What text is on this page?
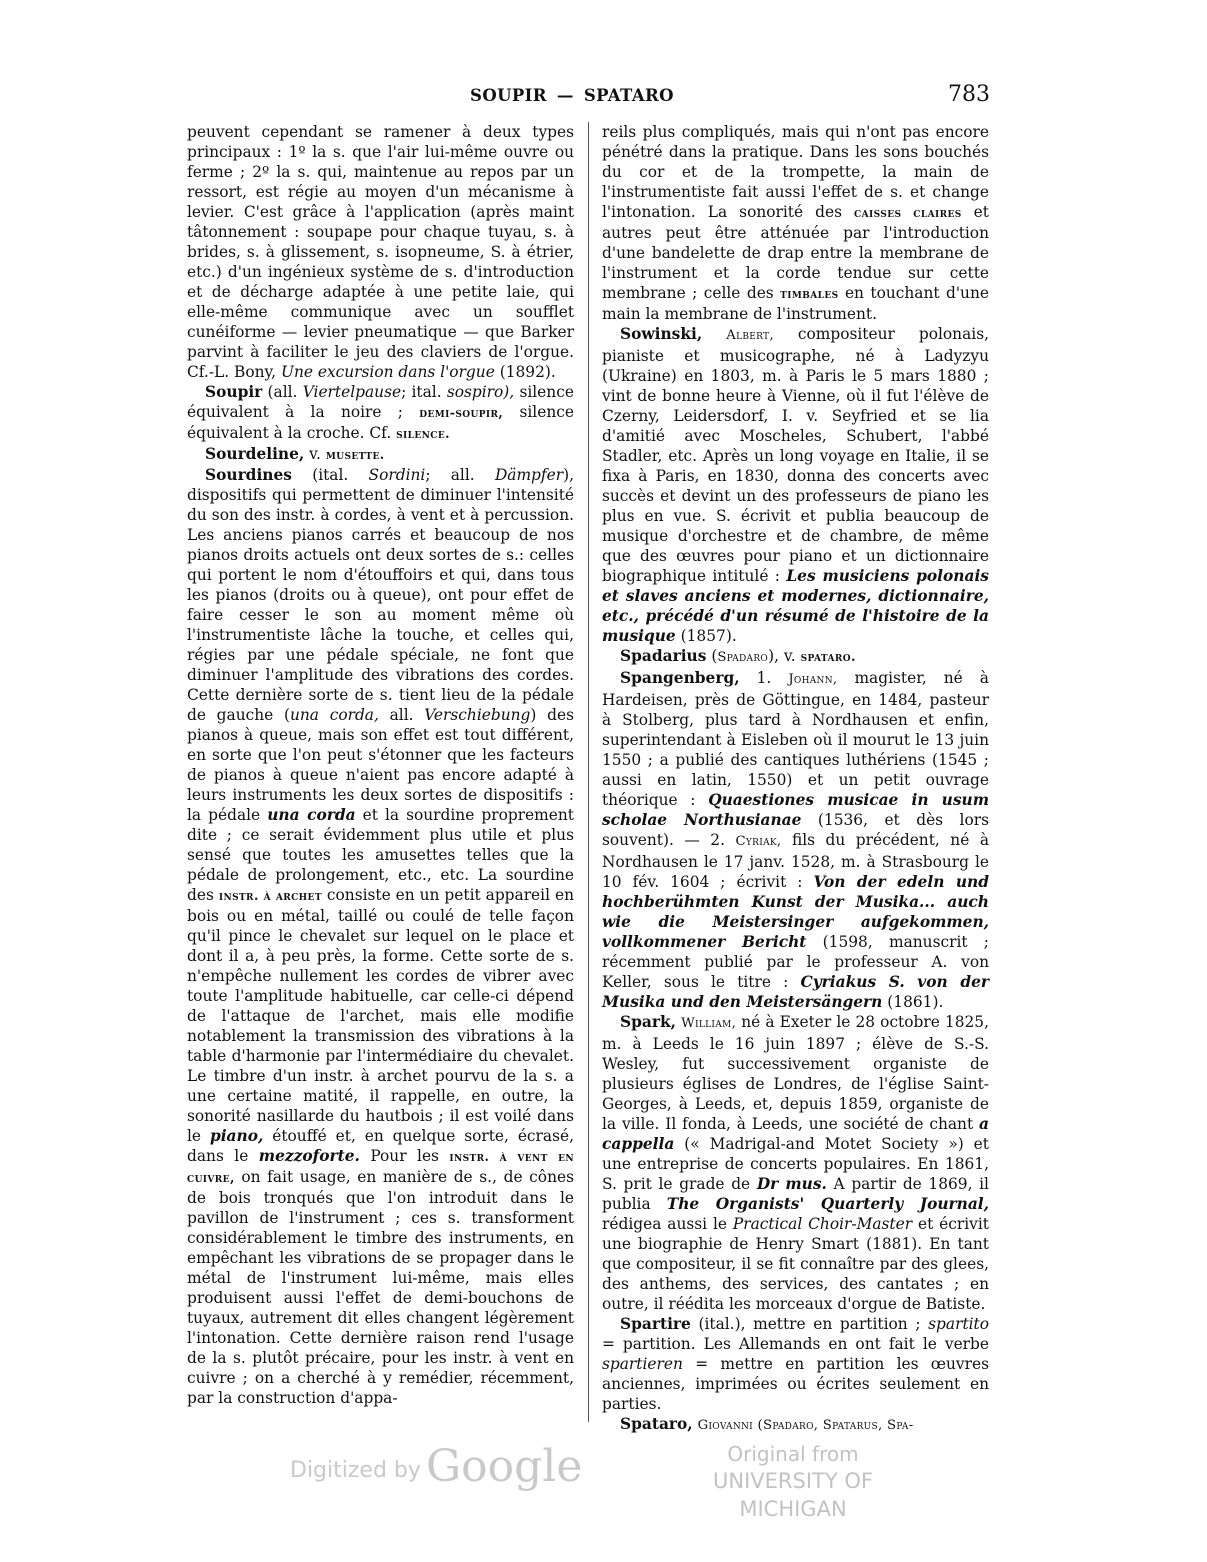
SOUPIR — SPATARO	783

peuvent cependant se ramener à deux types principaux : 1º la s. que l'air lui-même ouvre ou ferme ; 2º la s. qui, maintenue au repos par un ressort, est régie au moyen d'un mécanisme à levier. C'est grâce à l'application (après maint tâtonnement : soupape pour chaque tuyau, s. à brides, s. à glissement, s. isopneume, S. à étrier, etc.) d'un ingénieux système de s. d'introduction et de décharge adaptée à une petite laie, qui elle-même communique avec un soufflet cunéiforme — levier pneumatique — que Barker parvint à faciliter le jeu des claviers de l'orgue. Cf.-L. Bony, Une excursion dans l'orgue (1892).

Soupir (all. Viertelpause; ital. sospiro), silence équivalent à la noire ; demi-soupir, silence équivalent à la croche. Cf. silence.

Sourdeline, v. musette.

Sourdines (ital. Sordini; all. Dämpfer), dispositifs qui permettent de diminuer l'intensité du son des instr. à cordes, à vent et à percussion. Les anciens pianos carrés et beaucoup de nos pianos droits actuels ont deux sortes de s.: celles qui portent le nom d'étouffoirs et qui, dans tous les pianos (droits ou à queue), ont pour effet de faire cesser le son au moment même où l'instrumentiste lâche la touche, et celles qui, régies par une pédale spéciale, ne font que diminuer l'amplitude des vibrations des cordes. Cette dernière sorte de s. tient lieu de la pédale de gauche (una corda, all. Verschiebung) des pianos à queue, mais son effet est tout différent, en sorte que l'on peut s'étonner que les facteurs de pianos à queue n'aient pas encore adapté à leurs instruments les deux sortes de dispositifs : la pédale una corda et la sourdine proprement dite ; ce serait évidemment plus utile et plus sensé que toutes les amusettes telles que la pédale de prolongement, etc., etc. La sourdine des instr. à archet consiste en un petit appareil en bois ou en métal, taillé ou coulé de telle façon qu'il pince le chevalet sur lequel on le place et dont il a, à peu près, la forme. Cette sorte de s. n'empêche nullement les cordes de vibrer avec toute l'amplitude habituelle, car celle-ci dépend de l'attaque de l'archet, mais elle modifie notablement la transmission des vibrations à la table d'harmonie par l'intermédiaire du chevalet. Le timbre d'un instr. à archet pourvu de la s. a une certaine matité, il rappelle, en outre, la sonorité nasillarde du hautbois ; il est voilé dans le piano, étouffé et, en quelque sorte, écrasé, dans le mezzoforte. Pour les instr. à vent en cuivre, on fait usage, en manière de s., de cônes de bois tronqués que l'on introduit dans le pavillon de l'instrument ; ces s. transforment considérablement le timbre des instruments, en empêchant les vibrations de se propager dans le métal de l'instrument lui-même, mais elles produisent aussi l'effet de demi-bouchons de tuyaux, autrement dit elles changent légèrement l'intonation. Cette dernière raison rend l'usage de la s. plutôt précaire, pour les instr. à vent en cuivre ; on a cherché à y remédier, récemment, par la construction d'appa-

reils plus compliqués, mais qui n'ont pas encore pénétré dans la pratique. Dans les sons bouchés du cor et de la trompette, la main de l'instrumentiste fait aussi l'effet de s. et change l'intonation. La sonorité des caisses claires et autres peut être atténuée par l'introduction d'une bandelette de drap entre la membrane de l'instrument et la corde tendue sur cette membrane ; celle des timbales en touchant d'une main la membrane de l'instrument.

Sowinski, Albert, compositeur polonais, pianiste et musicographe, né à Ladyzyu (Ukraine) en 1803, m. à Paris le 5 mars 1880 ; vint de bonne heure à Vienne, où il fut l'élève de Czerny, Leidersdorf, I. v. Seyfried et se lia d'amitié avec Moscheles, Schubert, l'abbé Stadler, etc. Après un long voyage en Italie, il se fixa à Paris, en 1830, donna des concerts avec succès et devint un des professeurs de piano les plus en vue. S. écrivit et publia beaucoup de musique d'orchestre et de chambre, de même que des œuvres pour piano et un dictionnaire biographique intitulé : Les musiciens polonais et slaves anciens et modernes, dictionnaire, etc., précédé d'un résumé de l'histoire de la musique (1857).

Spadarius (Spadaro), v. spataro.

Spangenberg, 1. Johann, magister, né à Hardeisen, près de Göttingue, en 1484, pasteur à Stolberg, plus tard à Nordhausen et enfin, superintendant à Eisleben où il mourut le 13 juin 1550 ; a publié des cantiques luthériens (1545 ; aussi en latin, 1550) et un petit ouvrage théorique : Quaestiones musicae in usum scholae Northusianae (1536, et dès lors souvent). — 2. Cyriak, fils du précédent, né à Nordhausen le 17 janv. 1528, m. à Strasbourg le 10 fév. 1604 ; écrivit : Von der edeln und hochberühmten Kunst der Musika... auch wie die Meistersinger aufgekommen, vollkommener Bericht (1598, manuscrit ; récemment publié par le professeur A. von Keller, sous le titre : Cyriakus S. von der Musika und den Meistersängern (1861).

Spark, William, né à Exeter le 28 octobre 1825, m. à Leeds le 16 juin 1897 ; élève de S.-S. Wesley, fut successivement organiste de plusieurs églises de Londres, de l'église Saint-Georges, à Leeds, et, depuis 1859, organiste de la ville. Il fonda, à Leeds, une société de chant a cappella (« Madrigal-and Motet Society ») et une entreprise de concerts populaires. En 1861, S. prit le grade de Dr mus. A partir de 1869, il publia The Organists' Quarterly Journal, rédigea aussi le Practical Choir-Master et écrivit une biographie de Henry Smart (1881). En tant que compositeur, il se fit connaître par des glees, des anthems, des services, des cantates ; en outre, il réédita les morceaux d'orgue de Batiste.

Spartire (ital.), mettre en partition ; spartito = partition. Les Allemands en ont fait le verbe spartieren = mettre en partition les œuvres anciennes, imprimées ou écrites seulement en parties.

Spataro, Giovanni (Spadaro, Spatarus, Spa-

Digitized by Google	Original from
UNIVERSITY OF MICHIGAN
